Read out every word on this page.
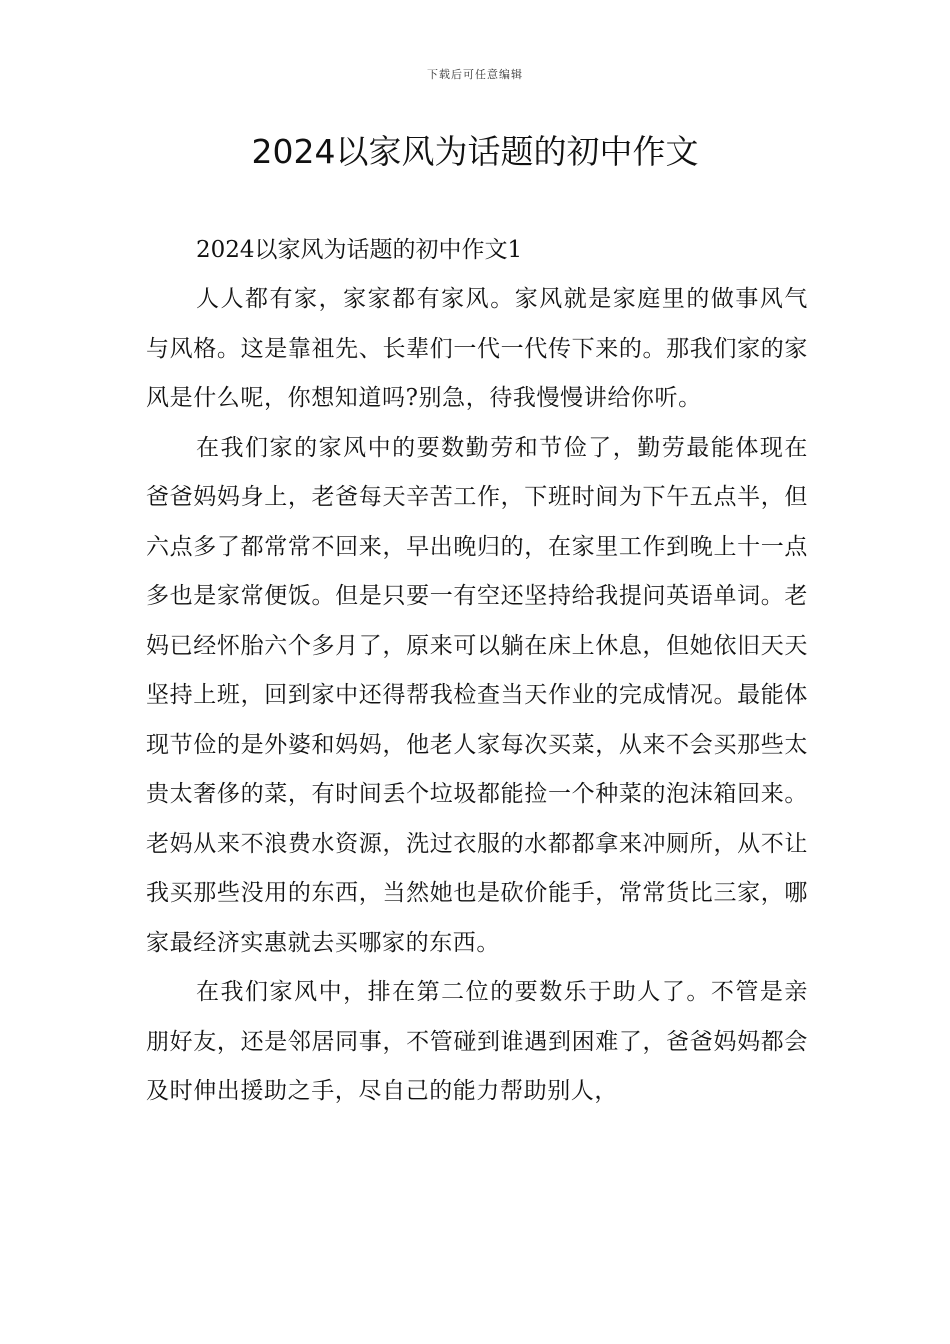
下载后可任意编辑
2024以家风为话题的初中作文

2024以家风为话题的初中作文1

人人都有家，家家都有家风。家风就是家庭里的做事风气与风格。这是靠祖先、长辈们一代一代传下来的。那我们家的家风是什么呢，你想知道吗?别急，待我慢慢讲给你听。

在我们家的家风中的要数勤劳和节俭了，勤劳最能体现在爸爸妈妈身上，老爸每天辛苦工作，下班时间为下午五点半，但六点多了都常常不回来，早出晚归的，在家里工作到晚上十一点多也是家常便饭。但是只要一有空还坚持给我提问英语单词。老妈已经怀胎六个多月了，原来可以躺在床上休息，但她依旧天天坚持上班，回到家中还得帮我检查当天作业的完成情况。最能体现节俭的是外婆和妈妈，他老人家每次买菜，从来不会买那些太贵太奢侈的菜，有时间丢个垃圾都能捡一个种菜的泡沫箱回来。老妈从来不浪费水资源，洗过衣服的水都都拿来冲厕所，从不让我买那些没用的东西，当然她也是砍价能手，常常货比三家，哪家最经济实惠就去买哪家的东西。

在我们家风中，排在第二位的要数乐于助人了。不管是亲朋好友，还是邻居同事，不管碰到谁遇到困难了，爸爸妈妈都会及时伸出援助之手，尽自己的能力帮助别人，
